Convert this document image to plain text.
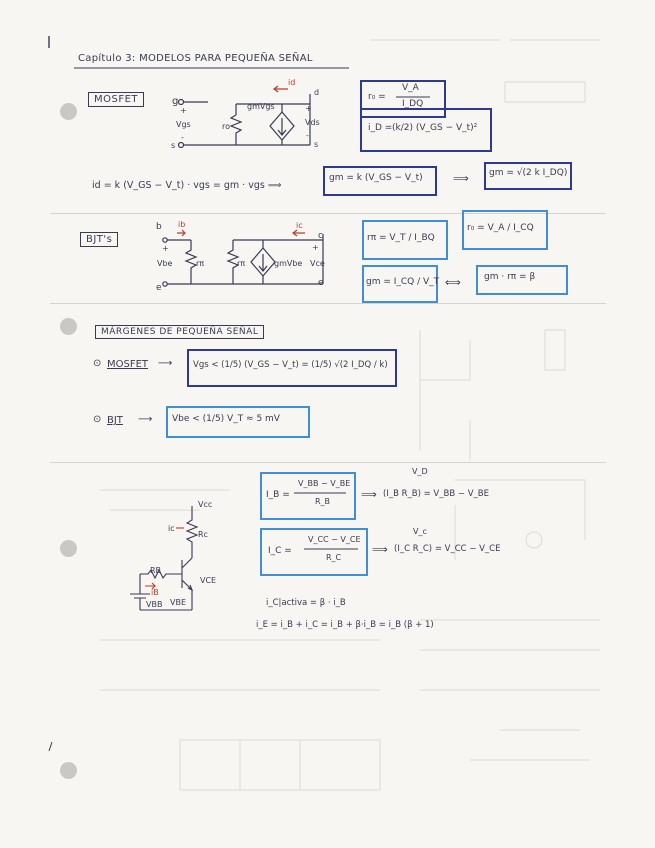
Capítulo 3: MODELOS PARA PEQUEÑA SEÑAL
MOSFET	g
+
Vgs
-
s
ro
gmVgs
id
d
+
Vds
-
s
r₀ =
V_A
I_DQ
i_D = (k/2) (V_GS − V_t)²
id = k (V_GS − V_t) · vgs = gm · vgs ⟹
gm = k (V_GS − V_t)	⟹ gm = √(2 k I_DQ)
BJT's
b ib
+
Vbe	rπ
e
rπ	gmVbe
ic
c
+
Vce
e
rπ = V_T / I_BQ
r₀ = V_A / I_CQ
gm = I_CQ / V_T ⟺	gm · rπ = β
MÁRGENES DE PEQUEÑA SEÑAL
⊙ MOSFET ⟶ Vgs < (1/5) (V_GS − V_t) = (1/5) √(2 I_DQ / k)
⊙ BJT ⟶ Vbe < (1/5) V_T ≈ 5 mV
V_D
I_B =
V_BB − V_BE
R_B
⟹ (I_B R_B) = V_BB − V_BE
V_c
I_C =
V_CC − V_CE
R_C
⟹ (I_C R_C) = V_CC − V_CE
Vcc
ic
Rc
RB
iB
VBB VBE
VCE
i_C|activa = β · i_B
i_E = i_B + i_C = i_B + β·i_B = i_B (β + 1)
